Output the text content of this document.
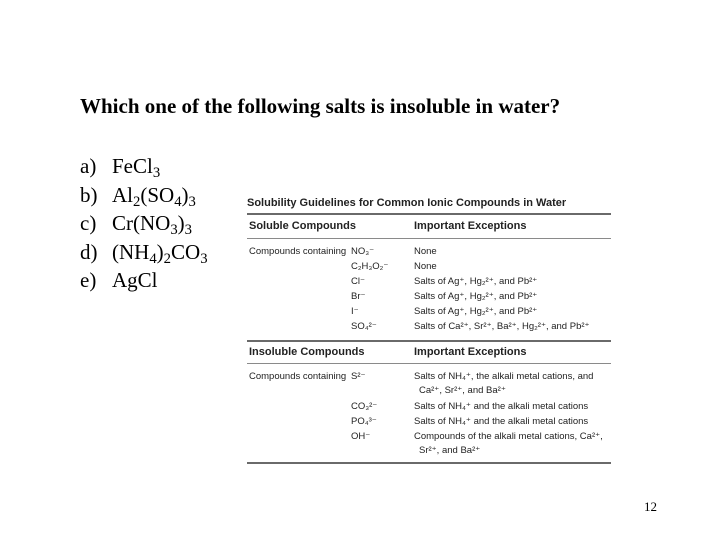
Which one of the following salts is insoluble in water?
a) FeCl$_3$
b) $Al_2(SO_4)_3$
c) $Cr(NO_3)_3$
d) $(NH_4)_2CO_3$
e) AgCl
Solubility Guidelines for Common Ionic Compounds in Water
Soluble Compounds	Important Exceptions
Compounds containing NO₃⁻	None
C₂H₃O₂⁻	None
Cl⁻	Salts of Ag⁺, Hg₂²⁺, and Pb²⁺
Br⁻	Salts of Ag⁺, Hg₂²⁺, and Pb²⁺
I⁻	Salts of Ag⁺, Hg₂²⁺, and Pb²⁺
SO₄²⁻	Salts of Ca²⁺, Sr²⁺, Ba²⁺, Hg₂²⁺, and Pb²⁺
Insoluble Compounds	Important Exceptions
Compounds containing S²⁻	Salts of NH₄⁺, the alkali metal cations, and
Ca²⁺, Sr²⁺, and Ba²⁺
CO₃²⁻	Salts of NH₄⁺ and the alkali metal cations
PO₄³⁻	Salts of NH₄⁺ and the alkali metal cations
OH⁻	Compounds of the alkali metal cations, Ca²⁺,
Sr²⁺, and Ba²⁺
12
